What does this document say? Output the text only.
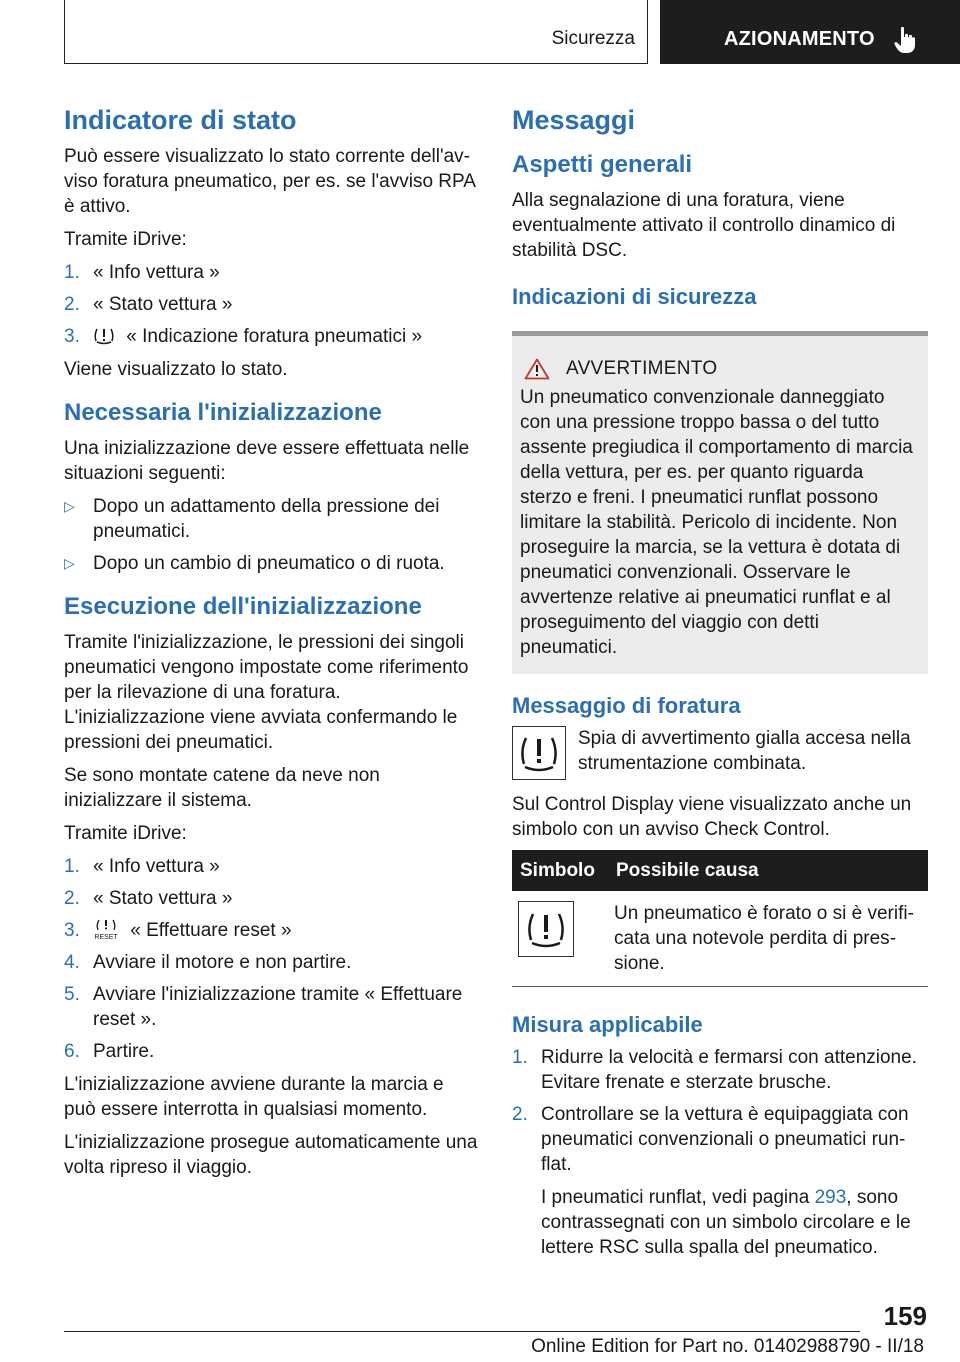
Sicurezza	AZIONAMENTO
Indicatore di stato

Può essere visualizzato lo stato corrente dell'avviso foratura pneumatico, per es. se l'avviso RPA è attivo.

Tramite iDrive:

1. « Info vettura »
2. « Stato vettura »
3. « Indicazione foratura pneumatici »

Viene visualizzato lo stato.

Necessaria l'inizializzazione

Una inizializzazione deve essere effettuata nelle situazioni seguenti:

▷ Dopo un adattamento della pressione dei pneumatici.
▷ Dopo un cambio di pneumatico o di ruota.
Esecuzione dell'inizializzazione

Tramite l'inizializzazione, le pressioni dei singoli pneumatici vengono impostate come riferimento per la rilevazione di una foratura. L'inizializzazione viene avviata confermando le pressioni dei pneumatici.

Se sono montate catene da neve non inizializzare il sistema.

Tramite iDrive:

1. « Info vettura »
2. « Stato vettura »
3. RESET « Effettuare reset »
4. Avviare il motore e non partire.
5. Avviare l'inizializzazione tramite « Effettuare reset ».
6. Partire.

L'inizializzazione avviene durante la marcia e può essere interrotta in qualsiasi momento.

L'inizializzazione prosegue automaticamente una volta ripreso il viaggio.

Messaggi
Aspetti generali

Alla segnalazione di una foratura, viene eventualmente attivato il controllo dinamico di stabilità DSC.

Indicazioni di sicurezza
AVVERTIMENTO

Un pneumatico convenzionale danneggiato con una pressione troppo bassa o del tutto assente pregiudica il comportamento di marcia della vettura, per es. per quanto riguarda sterzo e freni. I pneumatici runflat possono limitare la stabilità. Pericolo di incidente. Non proseguire la marcia, se la vettura è dotata di pneumatici convenzionali. Osservare le avvertenze relative ai pneumatici runflat e al proseguimento del viaggio con detti pneumatici.

Messaggio di foratura
Spia di avvertimento gialla accesa nella strumentazione combinata.

Sul Control Display viene visualizzato anche un simbolo con un avviso Check Control.

Simbolo	Possibile causa

	Un pneumatico è forato o si è verificata una notevole perdita di pressione.
Misura applicabile
1. Ridurre la velocità e fermarsi con attenzione. Evitare frenate e sterzate brusche.
2. Controllare se la vettura è equipaggiata con pneumatici convenzionali o pneumatici runflat.
I pneumatici runflat, vedi pagina 293, sono contrassegnati con un simbolo circolare e le lettere RSC sulla spalla del pneumatico.
159
Online Edition for Part no. 01402988790 - II/18
